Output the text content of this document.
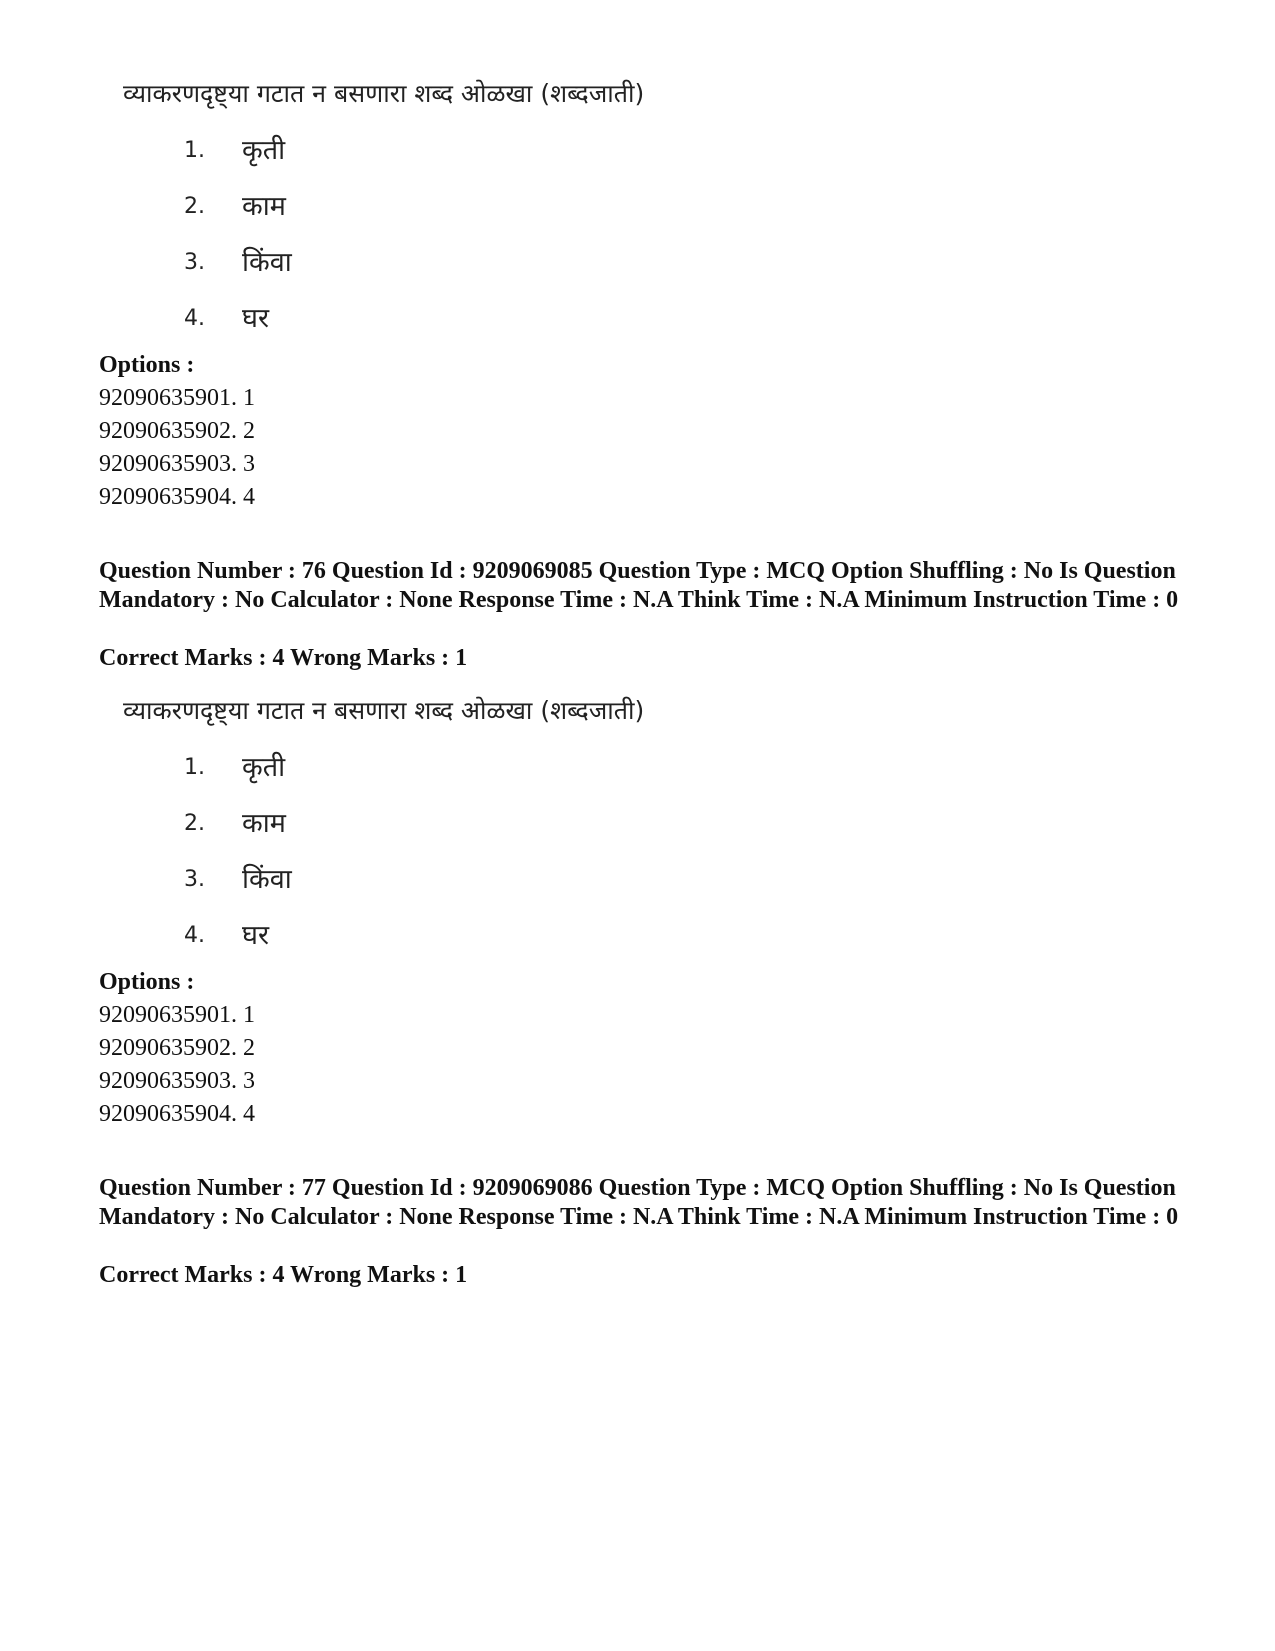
व्याकरणदृष्ट्या गटात न बसणारा शब्द ओळखा (शब्दजाती)
1. कृती
2. काम
3. किंवा
4. घर
Options :
92090635901. 1
92090635902. 2
92090635903. 3
92090635904. 4
Question Number : 76 Question Id : 9209069085 Question Type : MCQ Option Shuffling : No Is Question Mandatory : No Calculator : None Response Time : N.A Think Time : N.A Minimum Instruction Time : 0
Correct Marks : 4 Wrong Marks : 1
व्याकरणदृष्ट्या गटात न बसणारा शब्द ओळखा (शब्दजाती)
1. कृती
2. काम
3. किंवा
4. घर
Options :
92090635901. 1
92090635902. 2
92090635903. 3
92090635904. 4
Question Number : 77 Question Id : 9209069086 Question Type : MCQ Option Shuffling : No Is Question Mandatory : No Calculator : None Response Time : N.A Think Time : N.A Minimum Instruction Time : 0
Correct Marks : 4 Wrong Marks : 1
